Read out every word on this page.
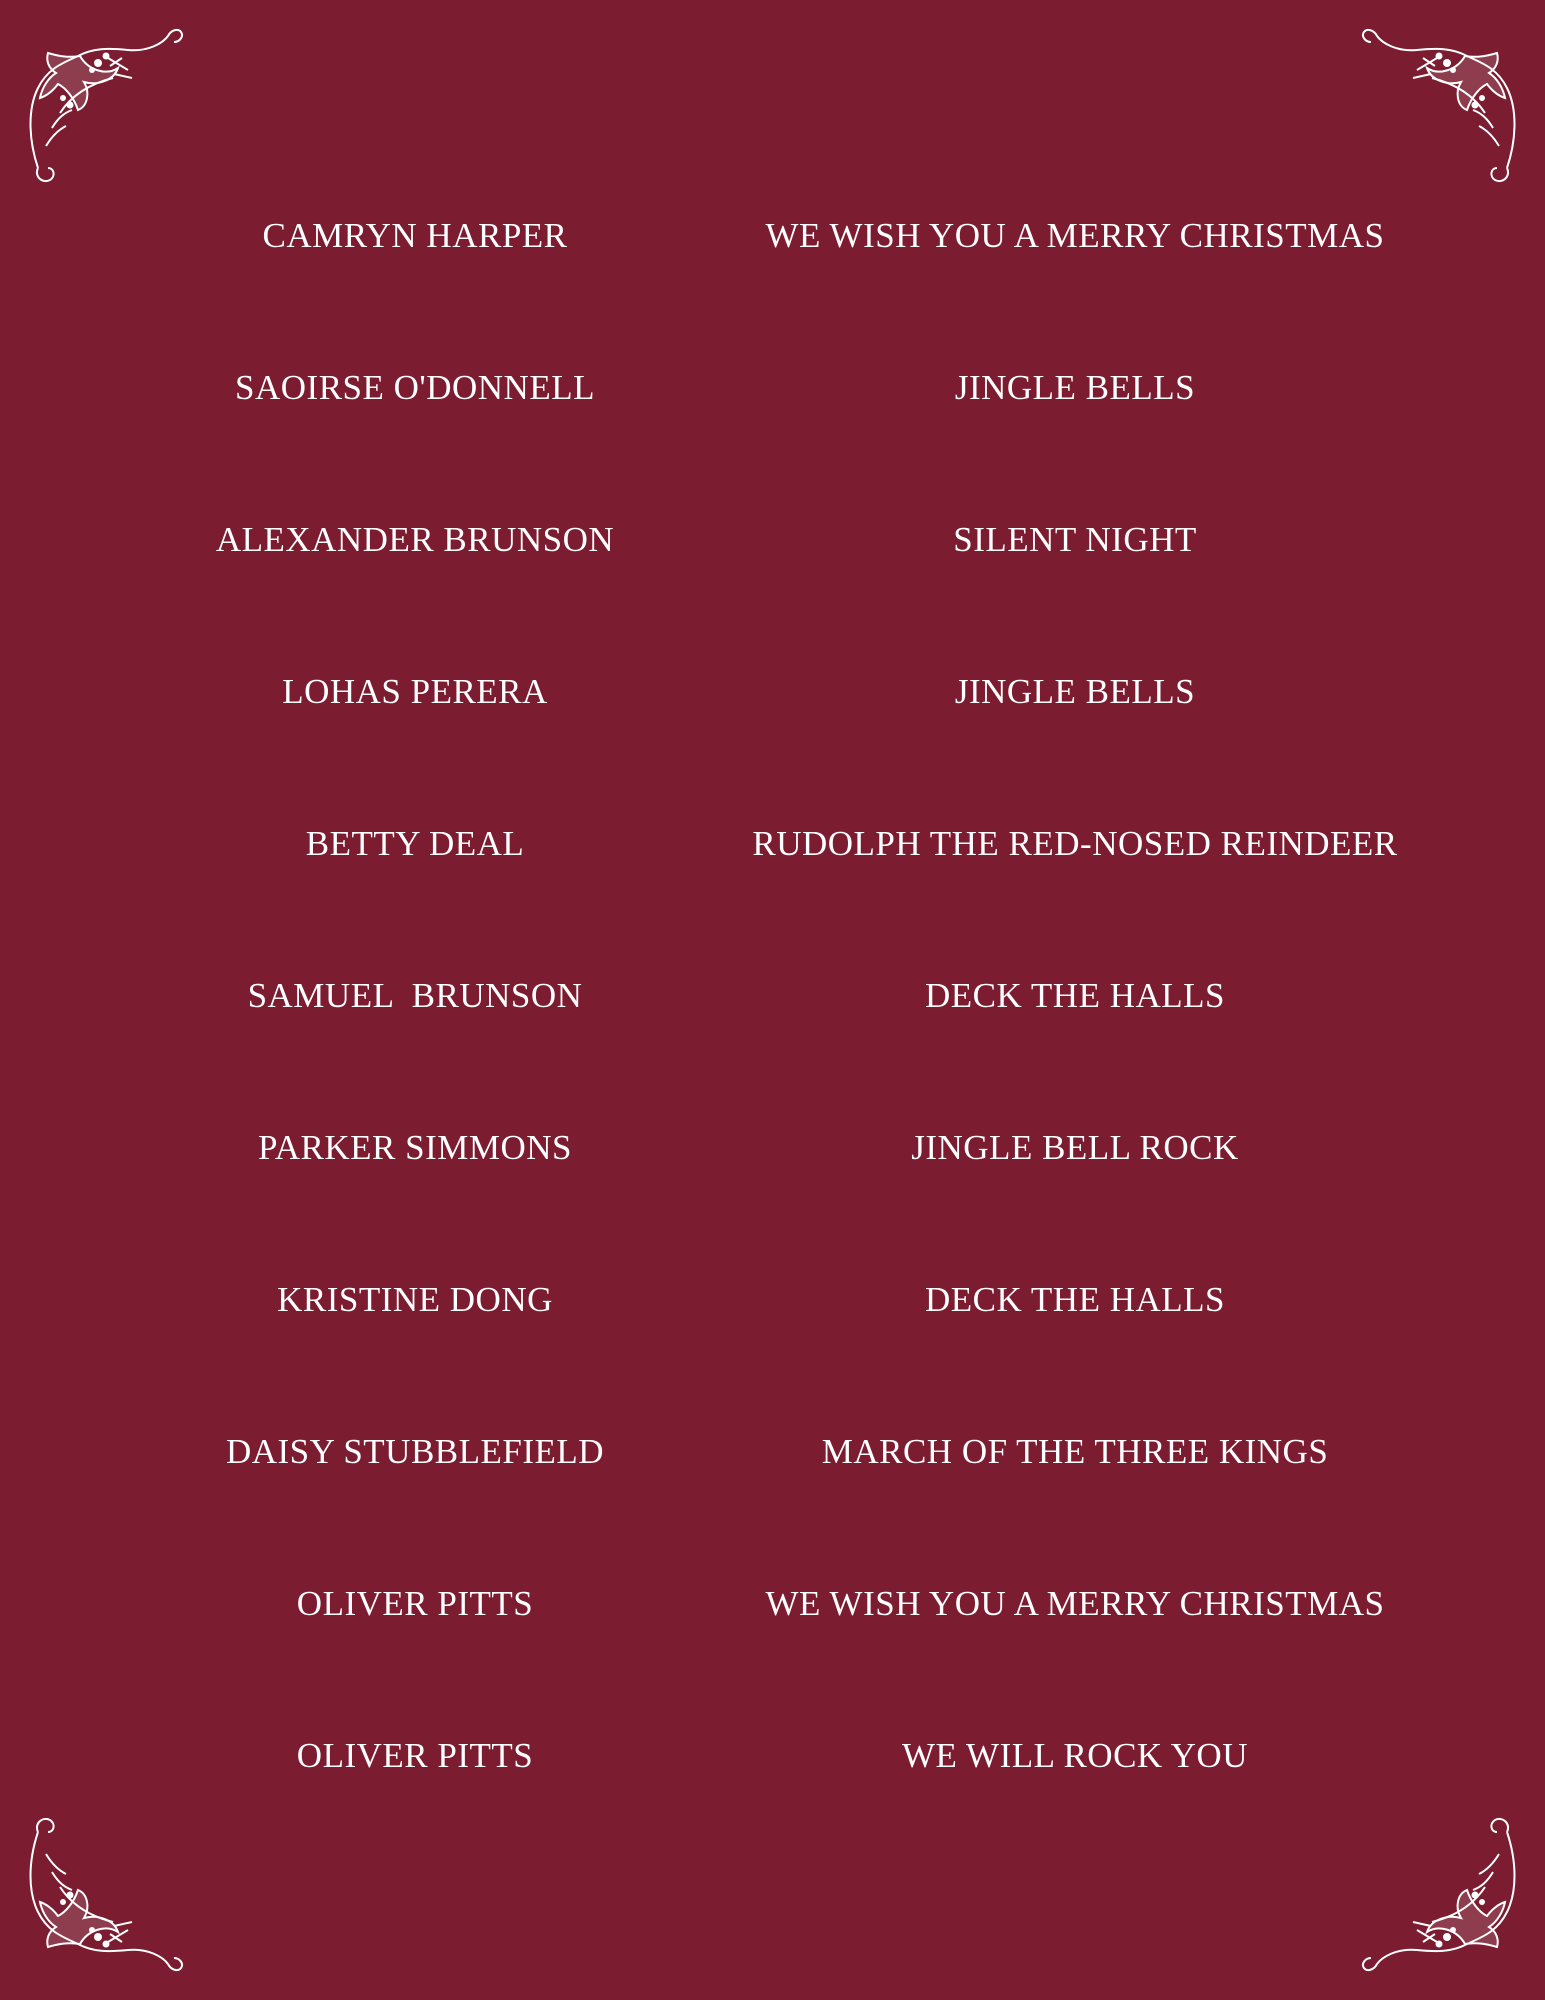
CAMRYN HARPER	WE WISH YOU A MERRY CHRISTMAS
SAOIRSE O'DONNELL	JINGLE BELLS
ALEXANDER BRUNSON	SILENT NIGHT
LOHAS PERERA	JINGLE BELLS
BETTY DEAL	RUDOLPH THE RED-NOSED REINDEER
SAMUEL  BRUNSON	DECK THE HALLS
PARKER SIMMONS	JINGLE BELL ROCK
KRISTINE DONG	DECK THE HALLS
DAISY STUBBLEFIELD	MARCH OF THE THREE KINGS
OLIVER PITTS	WE WISH YOU A MERRY CHRISTMAS
OLIVER PITTS	WE WILL ROCK YOU
